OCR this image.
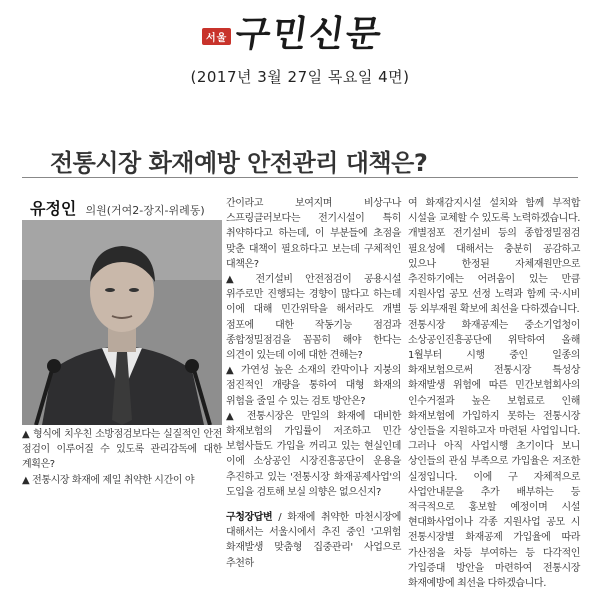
서울 구민신문
(2017년 3월 27일 목요일 4면)
전통시장 화재예방 안전관리 대책은?
유정인 의원(거여2-장지-위례동)

▲ 형식에 치우친 소방점검보다는 실질적인 안전 점검이 이루어질 수 있도록 관리감독에 대한 계획은?

▲ 전통시장 화재에 제일 취약한 시간이 야

간이라고 보여지며 비상구나 스프링클러보다는 전기시설이 특히 취약하다고 하는데, 이 부분들에 초점을 맞춘 대책이 필요하다고 보는데 구체적인 대책은?

▲ 전기설비 안전점검이 공용시설 위주로만 진행되는 경향이 많다고 하는데 이에 대해 민간위탁을 해서라도 개별 점포에 대한 작동기능 점검과 종합정밀점검을 꼼꼼히 해야 한다는 의견이 있는데 이에 대한 견해는?

▲ 가연성 높은 소재의 칸막이나 지붕의 점진적인 개량을 통하여 대형 화재의 위험을 줄일 수 있는 검토 방안은?

▲ 전통시장은 만일의 화재에 대비한 화재보험의 가입률이 저조하고 민간 보험사들도 가입을 꺼리고 있는 현실인데 이에 소상공인 시장진흥공단이 운용을 추진하고 있는 '전통시장 화재공제사업'의 도입을 검토해 보실 의향은 없으신지?

구청장답변 / 화재에 취약한 마천시장에 대해서는 서울시에서 추진 중인 '고위험 화재발생 맞춤형 집중관리' 사업으로 추천하

여 화재감지시설 설치와 함께 부적합 시설을 교체할 수 있도록 노력하겠습니다. 개별점포 전기설비 등의 종합정밀점검 필요성에 대해서는 충분히 공감하고 있으나 한정된 자체재원만으로 추진하기에는 어려움이 있는 만큼 지원사업 공모 선정 노력과 함께 국·시비 등 외부재원 확보에 최선을 다하겠습니다.

전통시장 화재공제는 중소기업청이 소상공인진흥공단에 위탁하여 올해 1월부터 시행 중인 일종의 화재보험으로써 전통시장 특성상 화재발생 위험에 따른 민간보험회사의 인수거절과 높은 보험료로 인해 화재보험에 가입하지 못하는 전통시장 상인들을 지원하고자 마련된 사업입니다. 그러나 아직 사업시행 초기이다 보니 상인들의 관심 부족으로 가입율은 저조한 실정입니다. 이에 구 자체적으로 사업안내문을 추가 배부하는 등 적극적으로 홍보할 예정이며 시설 현대화사업이나 각종 지원사업 공모 시 전통시장별 화재공제 가입율에 따라 가산점을 차등 부여하는 등 다각적인 가입증대 방안을 마련하여 전통시장 화재예방에 최선을 다하겠습니다.
